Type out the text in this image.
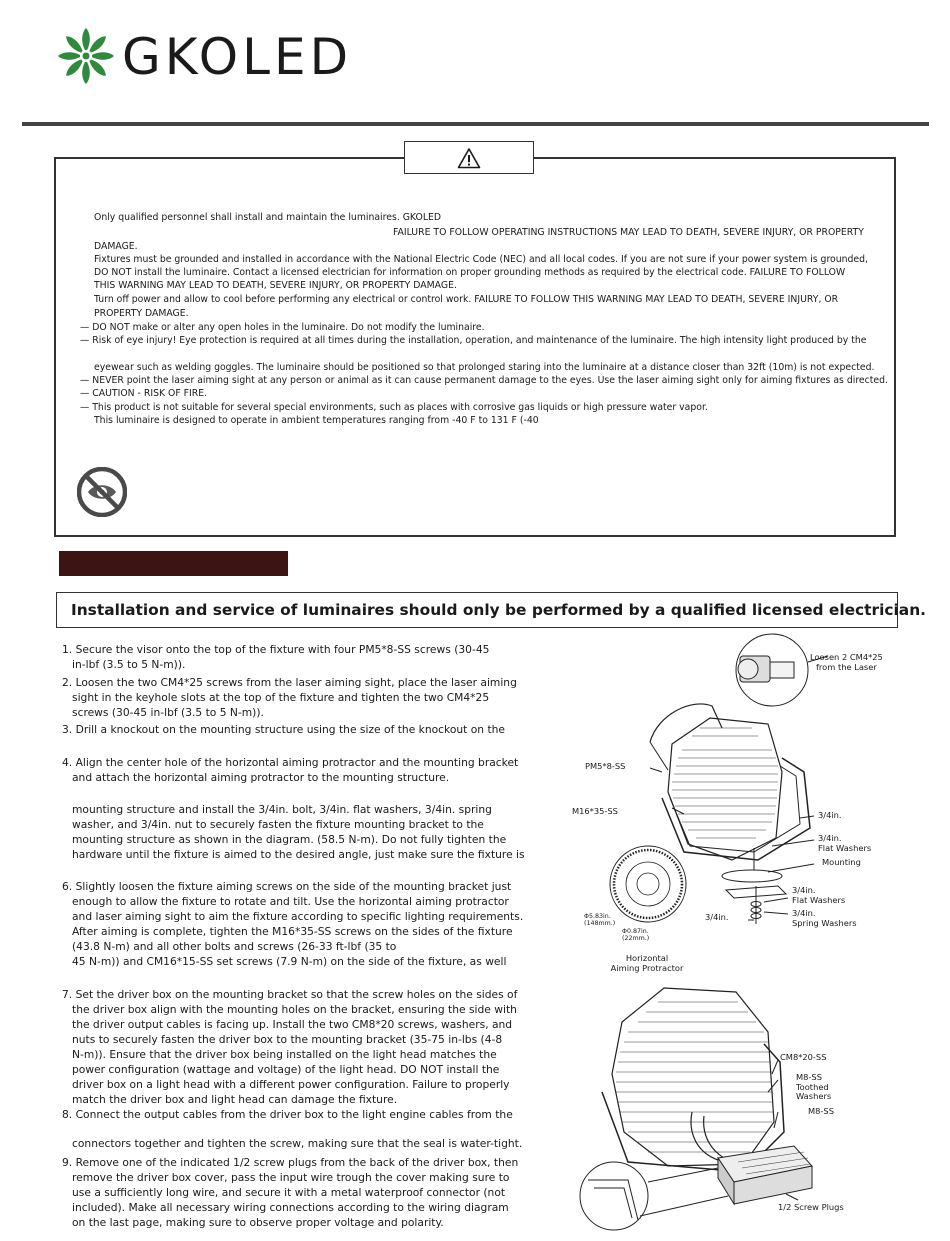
GKOLED
Only qualified personnel shall install and maintain the luminaires. GKOLED
FAILURE TO FOLLOW OPERATING INSTRUCTIONS MAY LEAD TO DEATH, SEVERE INJURY, OR PROPERTY
DAMAGE.
Fixtures must be grounded and installed in accordance with the National Electric Code (NEC) and all local codes. If you are not sure if your power system is grounded,
DO NOT install the luminaire. Contact a licensed electrician for information on proper grounding methods as required by the electrical code. FAILURE TO FOLLOW
THIS WARNING MAY LEAD TO DEATH, SEVERE INJURY, OR PROPERTY DAMAGE.
Turn off power and allow to cool before performing any electrical or control work. FAILURE TO FOLLOW THIS WARNING MAY LEAD TO DEATH, SEVERE INJURY, OR
PROPERTY DAMAGE.
— DO NOT make or alter any open holes in the luminaire. Do not modify the luminaire.
— Risk of eye injury! Eye protection is required at all times during the installation, operation, and maintenance of the luminaire. The high intensity light produced by the
eyewear such as welding goggles. The luminaire should be positioned so that prolonged staring into the luminaire at a distance closer than 32ft (10m) is not expected.
— NEVER point the laser aiming sight at any person or animal as it can cause permanent damage to the eyes. Use the laser aiming sight only for aiming fixtures as directed.
— CAUTION - RISK OF FIRE.
— This product is not suitable for several special environments, such as places with corrosive gas liquids or high pressure water vapor.
This luminaire is designed to operate in ambient temperatures ranging from -40 F to 131 F (-40
Installation and service of luminaires should only be performed by a qualified licensed electrician.
1. Secure the visor onto the top of the fixture with four PM5*8-SS screws (30-45
in-lbf (3.5 to 5 N-m)).
2. Loosen the two CM4*25 screws from the laser aiming sight, place the laser aiming
sight in the keyhole slots at the top of the fixture and tighten the two CM4*25
screws (30-45 in-lbf (3.5 to 5 N-m)).
3. Drill a knockout on the mounting structure using the size of the knockout on the
4. Align the center hole of the horizontal aiming protractor and the mounting bracket
and attach the horizontal aiming protractor to the mounting structure.
mounting structure and install the 3/4in. bolt, 3/4in. flat washers, 3/4in. spring
washer, and 3/4in. nut to securely fasten the fixture mounting bracket to the
mounting structure as shown in the diagram. (58.5 N-m). Do not fully tighten the
hardware until the fixture is aimed to the desired angle, just make sure the fixture is
6. Slightly loosen the fixture aiming screws on the side of the mounting bracket just
enough to allow the fixture to rotate and tilt. Use the horizontal aiming protractor
and laser aiming sight to aim the fixture according to specific lighting requirements.
After aiming is complete, tighten the M16*35-SS screws on the sides of the fixture
(43.8 N-m) and all other bolts and screws (26-33 ft-lbf (35 to
45 N-m)) and CM16*15-SS set screws (7.9 N-m) on the side of the fixture, as well
7. Set the driver box on the mounting bracket so that the screw holes on the sides of
the driver box align with the mounting holes on the bracket, ensuring the side with
the driver output cables is facing up. Install the two CM8*20 screws, washers, and
nuts to securely fasten the driver box to the mounting bracket (35-75 in-lbs (4-8
N-m)). Ensure that the driver box being installed on the light head matches the
power configuration (wattage and voltage) of the light head. DO NOT install the
driver box on a light head with a different power configuration. Failure to properly
match the driver box and light head can damage the fixture.
8. Connect the output cables from the driver box to the light engine cables from the
connectors together and tighten the screw, making sure that the seal is water-tight.
9. Remove one of the indicated 1/2 screw plugs from the back of the driver box, then
remove the driver box cover, pass the input wire trough the cover making sure to
use a sufficiently long wire, and secure it with a metal waterproof connector (not
included). Make all necessary wiring connections according to the wiring diagram
on the last page, making sure to observe proper voltage and polarity.
Loosen 2 CM4*25
from the Laser
PM5*8-SS
M16*35-SS	3/4in.
3/4in.
Flat Washers
Mounting
3/4in.
Flat Washers
3/4in.
Spring Washers
3/4in.
Φ5.83in.
(148mm.)
Φ0.87in.
(22mm.)
Horizontal
Aiming Protractor
CM8*20-SS
M8-SS
Toothed
Washers
M8-SS
1/2 Screw Plugs
